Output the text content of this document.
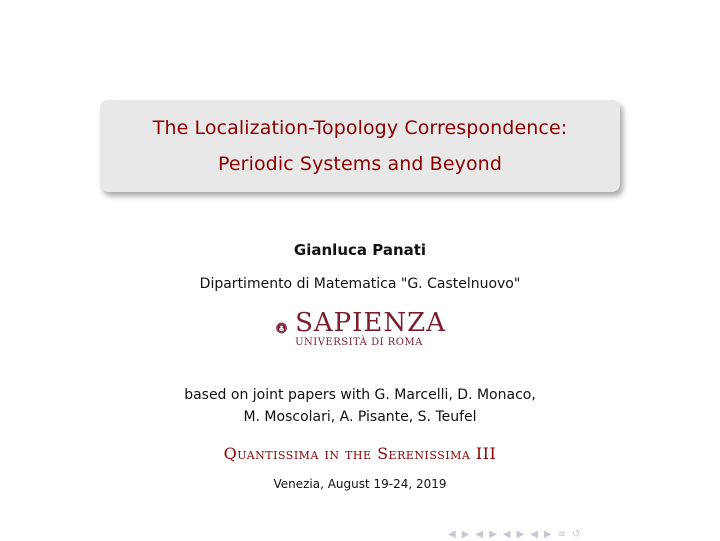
The Localization-Topology Correspondence:
Periodic Systems and Beyond
Gianluca Panati
Dipartimento di Matematica "G. Castelnuovo"
SAPIENZA
UNIVERSITÀ DI ROMA
based on joint papers with G. Marcelli, D. Monaco,
M. Moscolari, A. Pisante, S. Teufel
Quantissima in the Serenissima III
Venezia, August 19-24, 2019
◀ ▶ ◀ ▶ ◀ ▶ ◀ ▶ ≡ ↺
